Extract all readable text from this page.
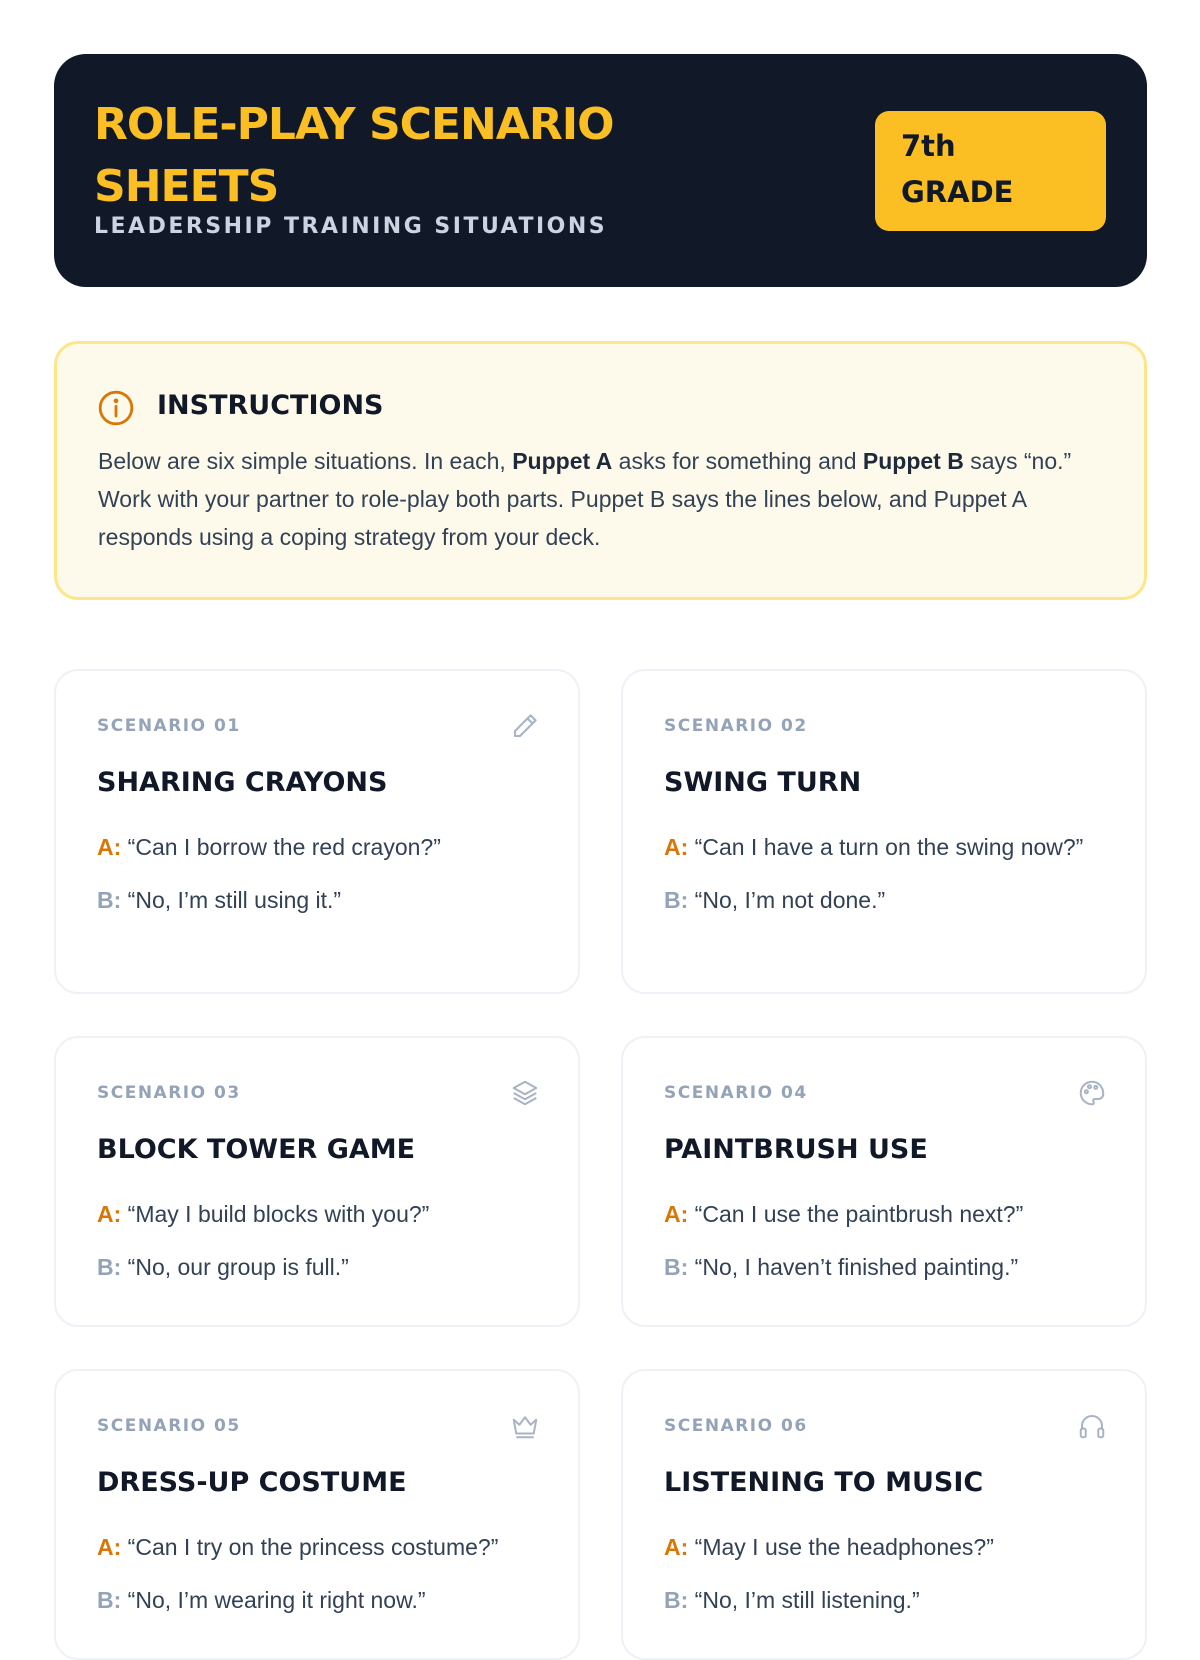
ROLE-PLAY SCENARIO SHEETS

LEADERSHIP TRAINING SITUATIONS

7th
GRADE
INSTRUCTIONS

Below are six simple situations. In each, Puppet A asks for something and Puppet B says “no.” Work with your partner to role-play both parts. Puppet B says the lines below, and Puppet A responds using a coping strategy from your deck.

SCENARIO 01
SHARING CRAYONS

A: “Can I borrow the red crayon?”

B: “No, I’m still using it.”

SCENARIO 02
SWING TURN

A: “Can I have a turn on the swing now?”

B: “No, I’m not done.”

SCENARIO 03
BLOCK TOWER GAME

A: “May I build blocks with you?”

B: “No, our group is full.”

SCENARIO 04
PAINTBRUSH USE

A: “Can I use the paintbrush next?”

B: “No, I haven’t finished painting.”

SCENARIO 05
DRESS-UP COSTUME

A: “Can I try on the princess costume?”

B: “No, I’m wearing it right now.”

SCENARIO 06
LISTENING TO MUSIC

A: “May I use the headphones?”

B: “No, I’m still listening.”
